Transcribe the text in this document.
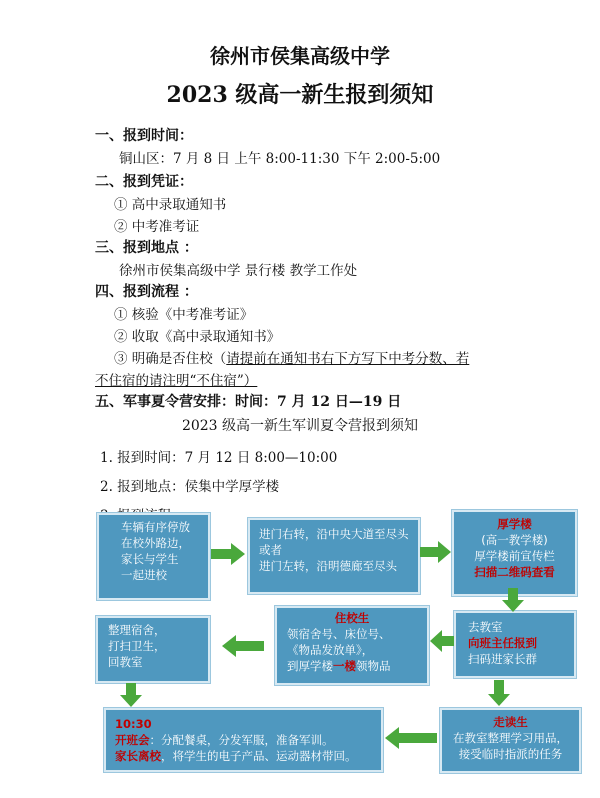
徐州市侯集高级中学
2023 级高一新生报到须知
一、报到时间：
铜山区：7 月 8 日 上午 8:00-11:30 下午 2:00-5:00
二、报到凭证：
① 高中录取通知书
② 中考准考证
三、报到地点 ：
徐州市侯集高级中学 景行楼 教学工作处
四、报到流程 ：
① 核验《中考准考证》
② 收取《高中录取通知书》
③ 明确是否住校（请提前在通知书右下方写下中考分数、若
不住宿的请注明“不住宿”）
五、军事夏令营安排：时间：7 月 12 日—19 日
2023 级高一新生军训夏令营报到须知
1. 报到时间：7 月 12 日 8:00—10:00
2. 报到地点：侯集中学厚学楼
车辆有序停放
在校外路边，
家长与学生
一起进校
进门右转，沿中央大道至尽头
或者
进门左转，沿明德廊至尽头
厚学楼
(高一教学楼)
厚学楼前宣传栏
扫描二维码查看
去教室
向班主任报到
扫码进家长群
住校生
领宿舍号、床位号、
《物品发放单》，
到厚学楼一楼领物品
整理宿舍，
打扫卫生，
回教室
10:30
开班会：分配餐桌，分发军服，准备军训。
家长离校，将学生的电子产品、运动器材带回。
走读生
在教室整理学习用品，
接受临时指派的任务
